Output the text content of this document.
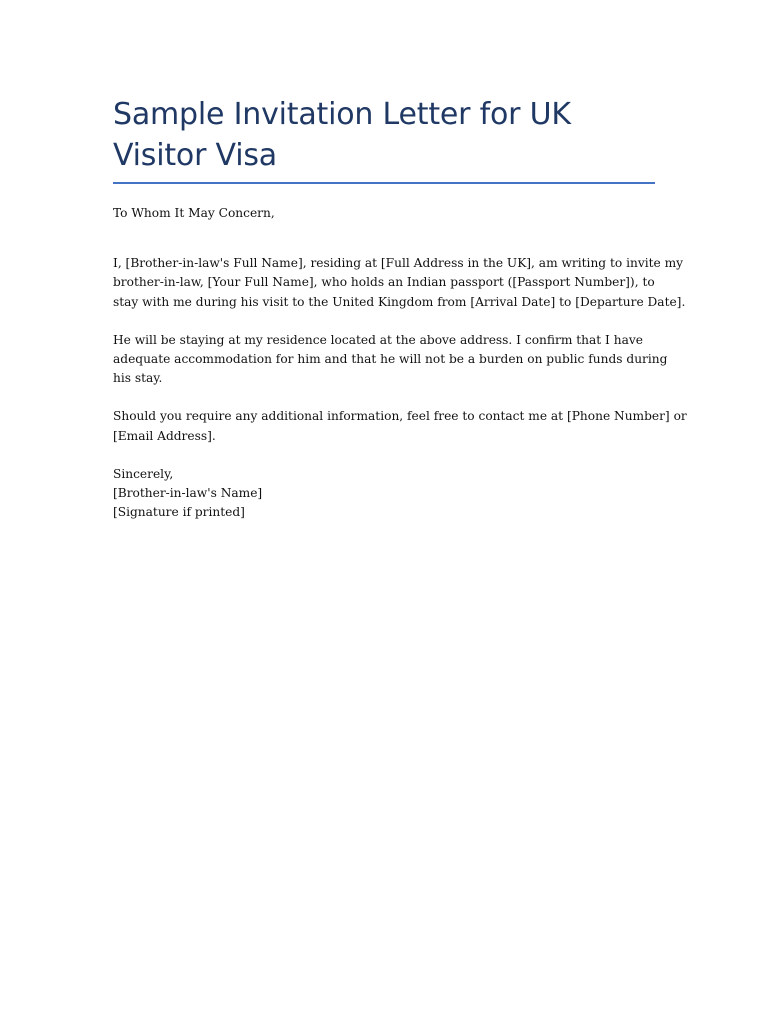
Sample Invitation Letter for UK Visitor Visa

To Whom It May Concern,

I, [Brother-in-law's Full Name], residing at [Full Address in the UK], am writing to invite my
brother-in-law, [Your Full Name], who holds an Indian passport ([Passport Number]), to
stay with me during his visit to the United Kingdom from [Arrival Date] to [Departure Date].

He will be staying at my residence located at the above address. I confirm that I have
adequate accommodation for him and that he will not be a burden on public funds during
his stay.

Should you require any additional information, feel free to contact me at [Phone Number] or
[Email Address].

Sincerely,
[Brother-in-law's Name]
[Signature if printed]
